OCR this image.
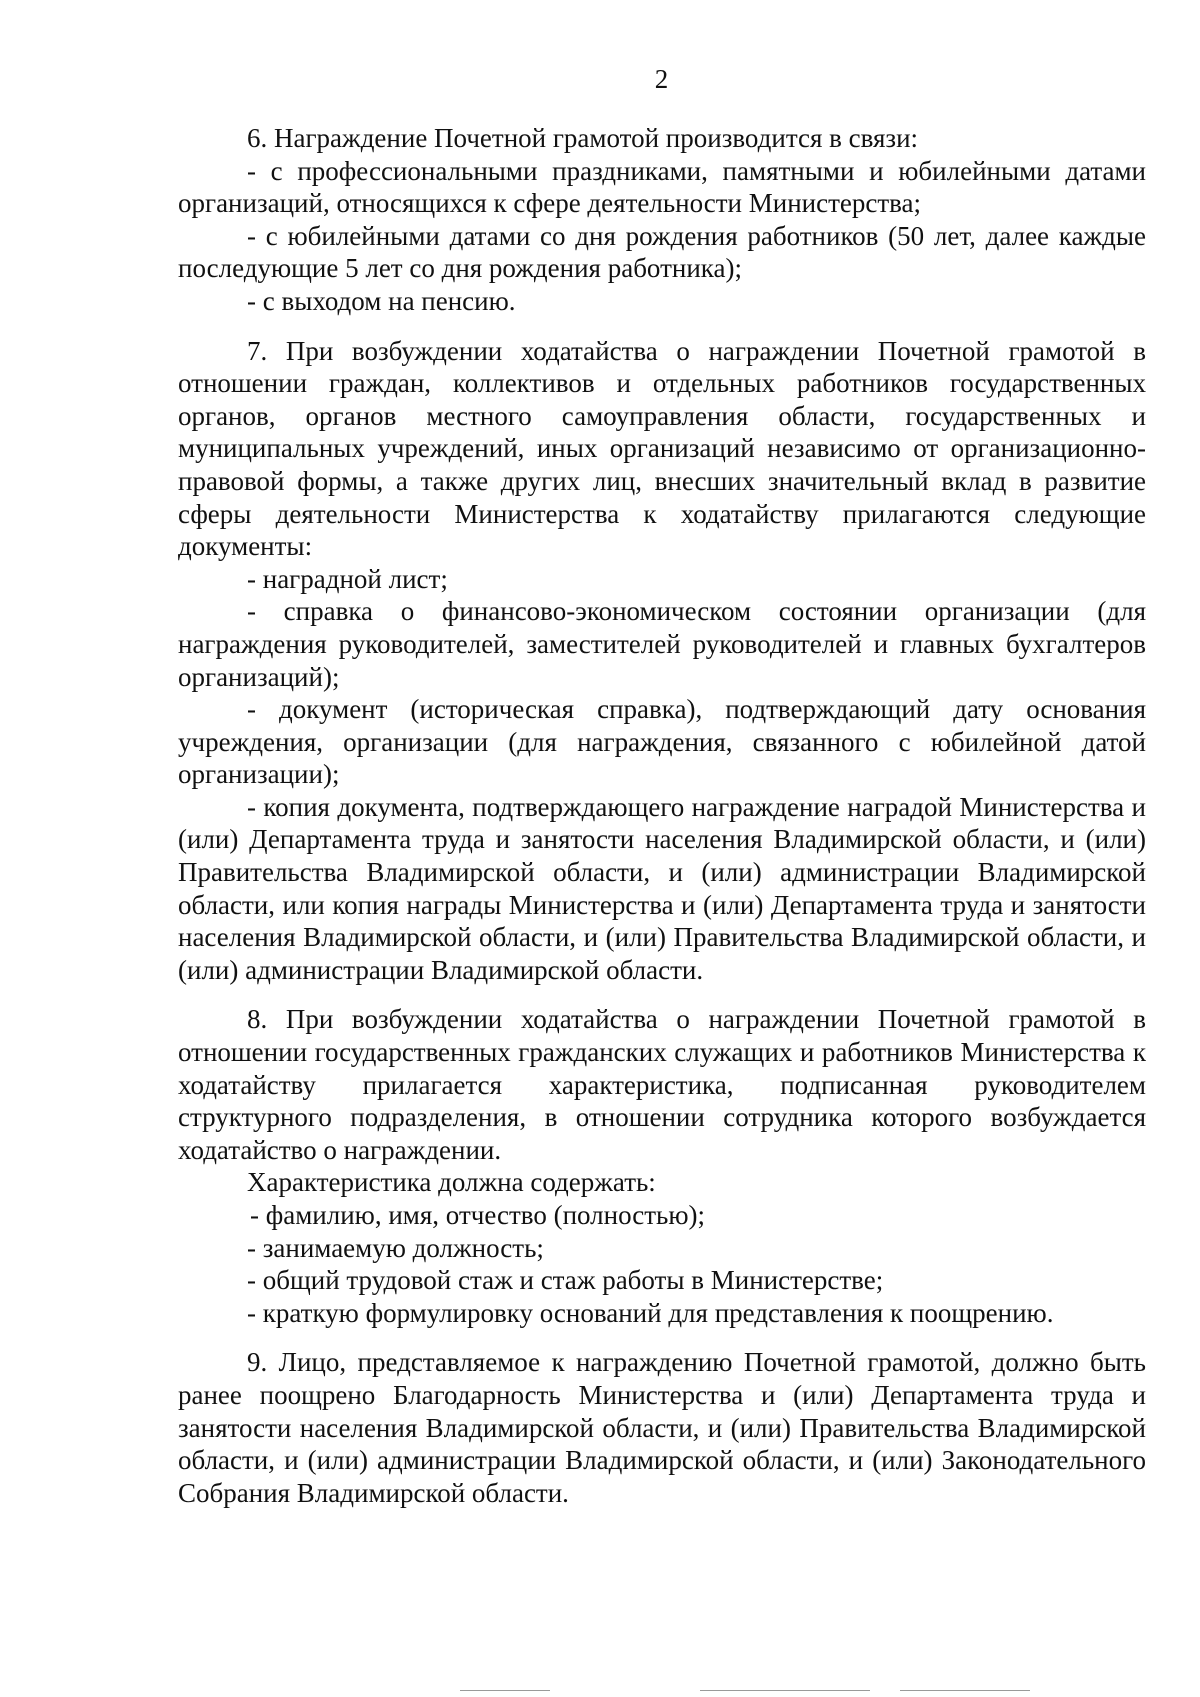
2

6. Награждение Почетной грамотой производится в связи:

- с профессиональными праздниками, памятными и юбилейными датами организаций, относящихся к сфере деятельности Министерства;

- с юбилейными датами со дня рождения работников (50 лет, далее каждые последующие 5 лет со дня рождения работника);

- с выходом на пенсию.

7. При возбуждении ходатайства о награждении Почетной грамотой в отношении граждан, коллективов и отдельных работников государственных органов, органов местного самоуправления области, государственных и муниципальных учреждений, иных организаций независимо от организационно-правовой формы, а также других лиц, внесших значительный вклад в развитие сферы деятельности Министерства к ходатайству прилагаются следующие документы:

- наградной лист;

- справка о финансово-экономическом состоянии организации (для награждения руководителей, заместителей руководителей и главных бухгалтеров организаций);

- документ (историческая справка), подтверждающий дату основания учреждения, организации (для награждения, связанного с юбилейной датой организации);

- копия документа, подтверждающего награждение наградой Министерства и (или) Департамента труда и занятости населения Владимирской области, и (или) Правительства Владимирской области, и (или) администрации Владимирской области, или копия награды Министерства и (или) Департамента труда и занятости населения Владимирской области, и (или) Правительства Владимирской области, и (или) администрации Владимирской области.

8. При возбуждении ходатайства о награждении Почетной грамотой в отношении государственных гражданских служащих и работников Министерства к ходатайству прилагается характеристика, подписанная руководителем структурного подразделения, в отношении сотрудника которого возбуждается ходатайство о награждении.

Характеристика должна содержать:

- фамилию, имя, отчество (полностью);

- занимаемую должность;

- общий трудовой стаж и стаж работы в Министерстве;

- краткую формулировку оснований для представления к поощрению.

9. Лицо, представляемое к награждению Почетной грамотой, должно быть ранее поощрено Благодарность Министерства и (или) Департамента труда и занятости населения Владимирской области, и (или) Правительства Владимирской области, и (или) администрации Владимирской области, и (или) Законодательного Собрания Владимирской области.
